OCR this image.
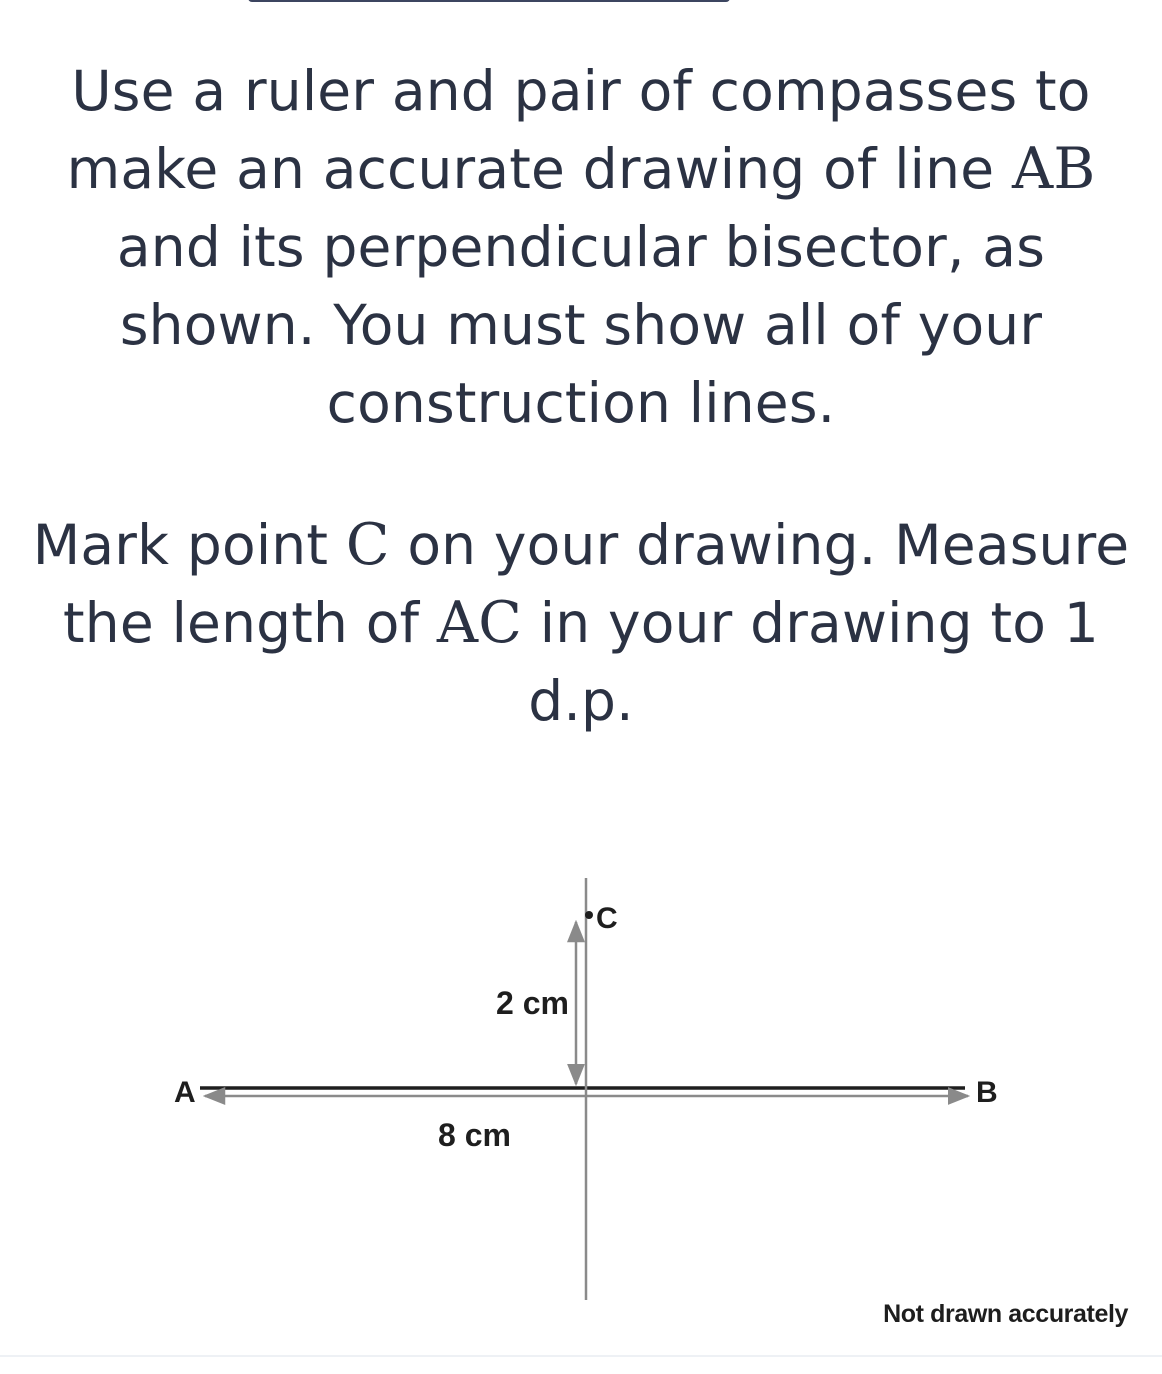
Use a ruler and pair of compasses to make an accurate drawing of line AB and its perpendicular bisector, as shown. You must show all of your construction lines.

Mark point C on your drawing. Measure the length of AC in your drawing to 1 d.p.

A	B
C
2 cm
8 cm
Not drawn accurately
